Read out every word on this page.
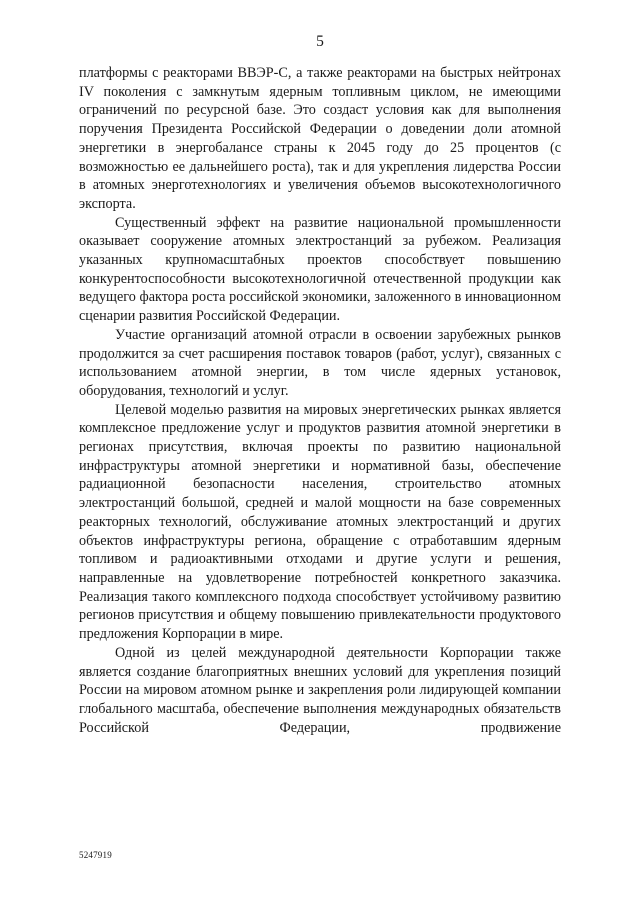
5

платформы с реакторами ВВЭР-С, а также реакторами на быстрых нейтронах IV поколения с замкнутым ядерным топливным циклом, не имеющими ограничений по ресурсной базе. Это создаст условия как для выполнения поручения Президента Российской Федерации о доведении доли атомной энергетики в энергобалансе страны к 2045 году до 25 процентов (с возможностью ее дальнейшего роста), так и для укрепления лидерства России в атомных энерготехнологиях и увеличения объемов высокотехнологичного экспорта.

Существенный эффект на развитие национальной промышленности оказывает сооружение атомных электростанций за рубежом. Реализация указанных крупномасштабных проектов способствует повышению конкурентоспособности высокотехнологичной отечественной продукции как ведущего фактора роста российской экономики, заложенного в инновационном сценарии развития Российской Федерации.

Участие организаций атомной отрасли в освоении зарубежных рынков продолжится за счет расширения поставок товаров (работ, услуг), связанных с использованием атомной энергии, в том числе ядерных установок, оборудования, технологий и услуг.

Целевой моделью развития на мировых энергетических рынках является комплексное предложение услуг и продуктов развития атомной энергетики в регионах присутствия, включая проекты по развитию национальной инфраструктуры атомной энергетики и нормативной базы, обеспечение радиационной безопасности населения, строительство атомных электростанций большой, средней и малой мощности на базе современных реакторных технологий, обслуживание атомных электростанций и других объектов инфраструктуры региона, обращение с отработавшим ядерным топливом и радиоактивными отходами и другие услуги и решения, направленные на удовлетворение потребностей конкретного заказчика. Реализация такого комплексного подхода способствует устойчивому развитию регионов присутствия и общему повышению привлекательности продуктового предложения Корпорации в мире.

Одной из целей международной деятельности Корпорации также является создание благоприятных внешних условий для укрепления позиций России на мировом атомном рынке и закрепления роли лидирующей компании глобального масштаба, обеспечение выполнения международных обязательств Российской Федерации, продвижение

5247919
